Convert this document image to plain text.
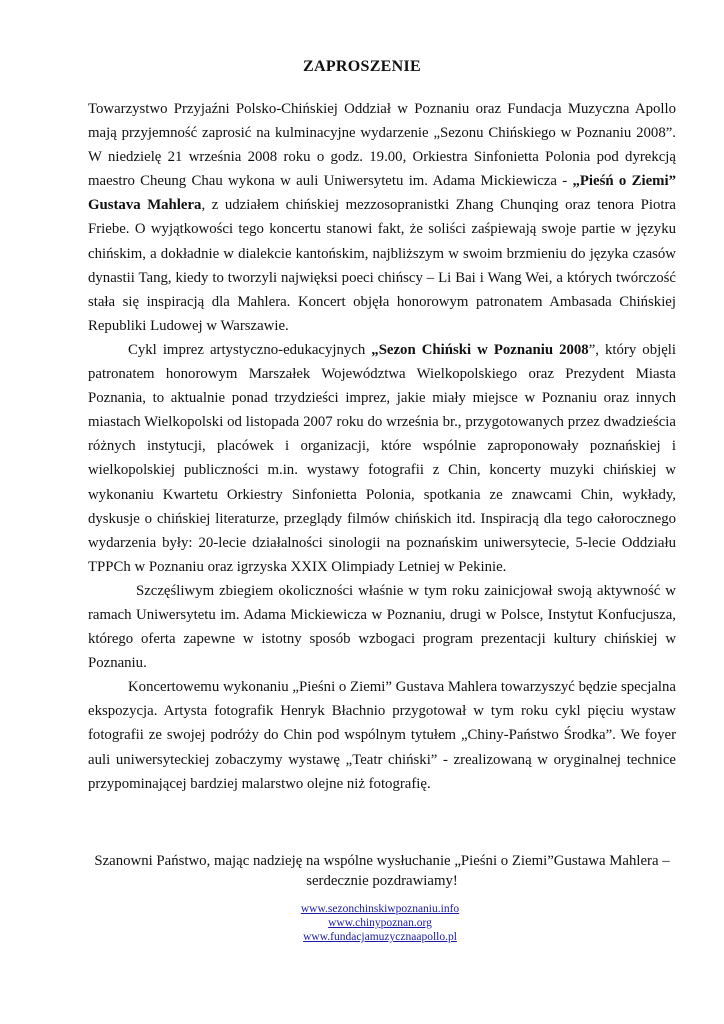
ZAPROSZENIE

Towarzystwo Przyjaźni Polsko-Chińskiej Oddział w Poznaniu oraz Fundacja Muzyczna Apollo mają przyjemność zaprosić na kulminacyjne wydarzenie „Sezonu Chińskiego w Poznaniu 2008”. W niedzielę 21 września 2008 roku o godz. 19.00, Orkiestra Sinfonietta Polonia pod dyrekcją maestro Cheung Chau wykona w auli Uniwersytetu im. Adama Mickiewicza - „Pieśń o Ziemi” Gustava Mahlera, z udziałem chińskiej mezzosopranistki Zhang Chunqing oraz tenora Piotra Friebe. O wyjątkowości tego koncertu stanowi fakt, że soliści zaśpiewają swoje partie w języku chińskim, a dokładnie w dialekcie kantońskim, najbliższym w swoim brzmieniu do języka czasów dynastii Tang, kiedy to tworzyli najwięksi poeci chińscy – Li Bai i Wang Wei, a których twórczość stała się inspiracją dla Mahlera. Koncert objęła honorowym patronatem Ambasada Chińskiej Republiki Ludowej w Warszawie.

Cykl imprez artystyczno-edukacyjnych „Sezon Chiński w Poznaniu 2008”, który objęli patronatem honorowym Marszałek Województwa Wielkopolskiego oraz Prezydent Miasta Poznania, to aktualnie ponad trzydzieści imprez, jakie miały miejsce w Poznaniu oraz innych miastach Wielkopolski od listopada 2007 roku do września br., przygotowanych przez dwadzieścia różnych instytucji, placówek i organizacji, które wspólnie zaproponowały poznańskiej i wielkopolskiej publiczności m.in. wystawy fotografii z Chin, koncerty muzyki chińskiej w wykonaniu Kwartetu Orkiestry Sinfonietta Polonia, spotkania ze znawcami Chin, wykłady, dyskusje o chińskiej literaturze, przeglądy filmów chińskich itd. Inspiracją dla tego całorocznego wydarzenia były: 20-lecie działalności sinologii na poznańskim uniwersytecie, 5-lecie Oddziału TPPCh w Poznaniu oraz igrzyska XXIX Olimpiady Letniej w Pekinie.

Szczęśliwym zbiegiem okoliczności właśnie w tym roku zainicjował swoją aktywność w ramach Uniwersytetu im. Adama Mickiewicza w Poznaniu, drugi w Polsce, Instytut Konfucjusza, którego oferta zapewne w istotny sposób wzbogaci program prezentacji kultury chińskiej w Poznaniu.

Koncertowemu wykonaniu „Pieśni o Ziemi” Gustava Mahlera towarzyszyć będzie specjalna ekspozycja. Artysta fotografik Henryk Błachnio przygotował w tym roku cykl pięciu wystaw fotografii ze swojej podróży do Chin pod wspólnym tytułem „Chiny-Państwo Środka”. We foyer auli uniwersyteckiej zobaczymy wystawę „Teatr chiński” - zrealizowaną w oryginalnej technice przypominającej bardziej malarstwo olejne niż fotografię.

Szanowni Państwo, mając nadzieję na wspólne wysłuchanie „Pieśni o Ziemi”Gustawa Mahlera – serdecznie pozdrawiamy!
www.sezonchinskiwpoznaniu.info
www.chinypoznan.org
www.fundacjamuzycznaapollo.pl
